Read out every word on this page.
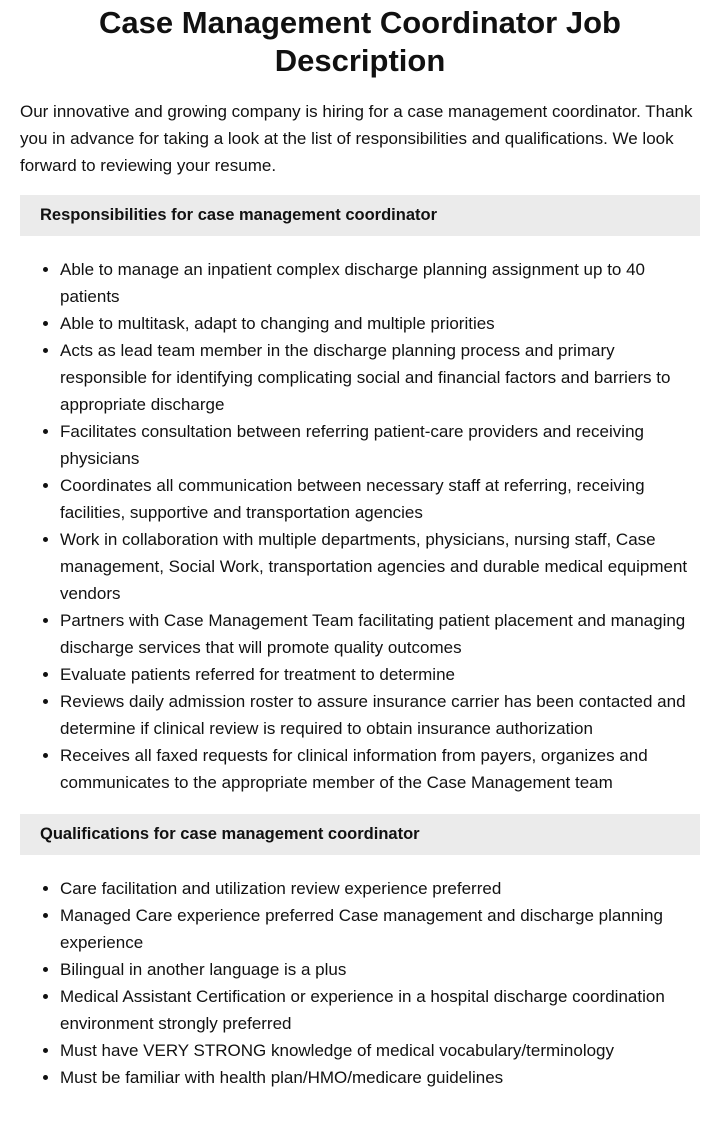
Case Management Coordinator Job Description

Our innovative and growing company is hiring for a case management coordinator. Thank you in advance for taking a look at the list of responsibilities and qualifications. We look forward to reviewing your resume.

Responsibilities for case management coordinator
• Able to manage an inpatient complex discharge planning assignment up to 40 patients
• Able to multitask, adapt to changing and multiple priorities
• Acts as lead team member in the discharge planning process and primary responsible for identifying complicating social and financial factors and barriers to appropriate discharge
• Facilitates consultation between referring patient-care providers and receiving physicians
• Coordinates all communication between necessary staff at referring, receiving facilities, supportive and transportation agencies
• Work in collaboration with multiple departments, physicians, nursing staff, Case management, Social Work, transportation agencies and durable medical equipment vendors
• Partners with Case Management Team facilitating patient placement and managing discharge services that will promote quality outcomes
• Evaluate patients referred for treatment to determine
• Reviews daily admission roster to assure insurance carrier has been contacted and determine if clinical review is required to obtain insurance authorization
• Receives all faxed requests for clinical information from payers, organizes and communicates to the appropriate member of the Case Management team
Qualifications for case management coordinator
• Care facilitation and utilization review experience preferred
• Managed Care experience preferred Case management and discharge planning experience
• Bilingual in another language is a plus
• Medical Assistant Certification or experience in a hospital discharge coordination environment strongly preferred
• Must have VERY STRONG knowledge of medical vocabulary/terminology
• Must be familiar with health plan/HMO/medicare guidelines
